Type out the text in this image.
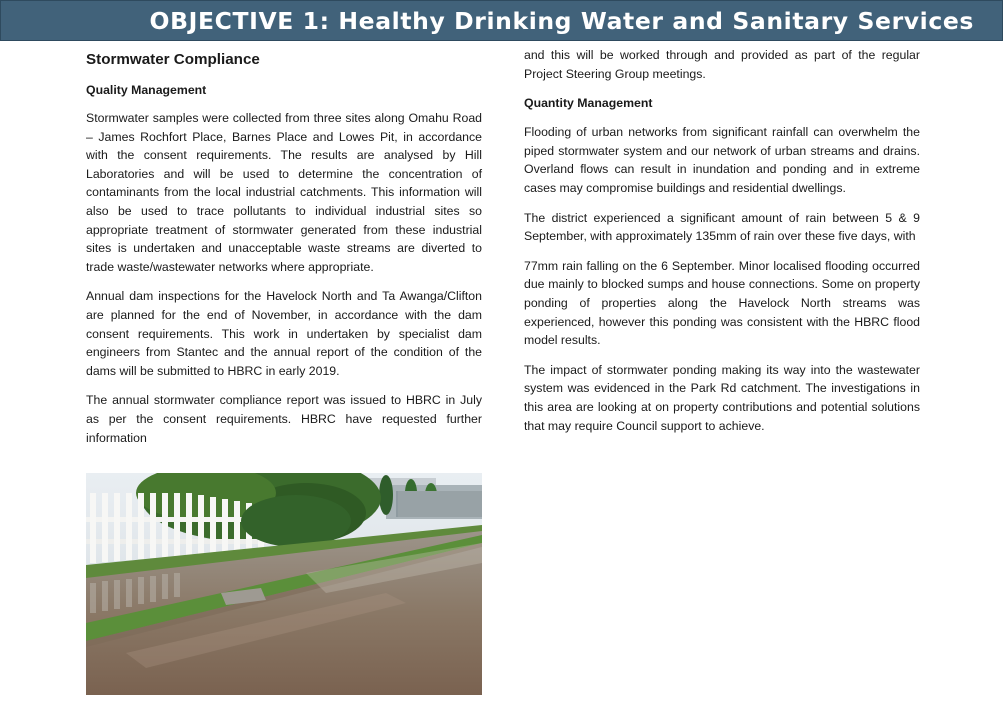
OBJECTIVE 1: Healthy Drinking Water and Sanitary Services
Stormwater Compliance
Quality Management

Stormwater samples were collected from three sites along Omahu Road – James Rochfort Place, Barnes Place and Lowes Pit, in accordance with the consent requirements. The results are analysed by Hill Laboratories and will be used to determine the concentration of contaminants from the local industrial catchments. This information will also be used to trace pollutants to individual industrial sites so appropriate treatment of stormwater generated from these industrial sites is undertaken and unacceptable waste streams are diverted to trade waste/wastewater networks where appropriate.

Annual dam inspections for the Havelock North and Ta Awanga/Clifton are planned for the end of November, in accordance with the dam consent requirements. This work in undertaken by specialist dam engineers from Stantec and the annual report of the condition of the dams will be submitted to HBRC in early 2019.

The annual stormwater compliance report was issued to HBRC in July as per the consent requirements. HBRC have requested further information

and this will be worked through and provided as part of the regular Project Steering Group meetings.

Quantity Management

Flooding of urban networks from significant rainfall can overwhelm the piped stormwater system and our network of urban streams and drains. Overland flows can result in inundation and ponding and in extreme cases may compromise buildings and residential dwellings.

The district experienced a significant amount of rain between 5 & 9 September, with approximately 135mm of rain over these five days, with

77mm rain falling on the 6 September. Minor localised flooding occurred due mainly to blocked sumps and house connections. Some on property ponding of properties along the Havelock North streams was experienced, however this ponding was consistent with the HBRC flood model results.

The impact of stormwater ponding making its way into the wastewater system was evidenced in the Park Rd catchment. The investigations in this area are looking at on property contributions and potential solutions that may require Council support to achieve.
